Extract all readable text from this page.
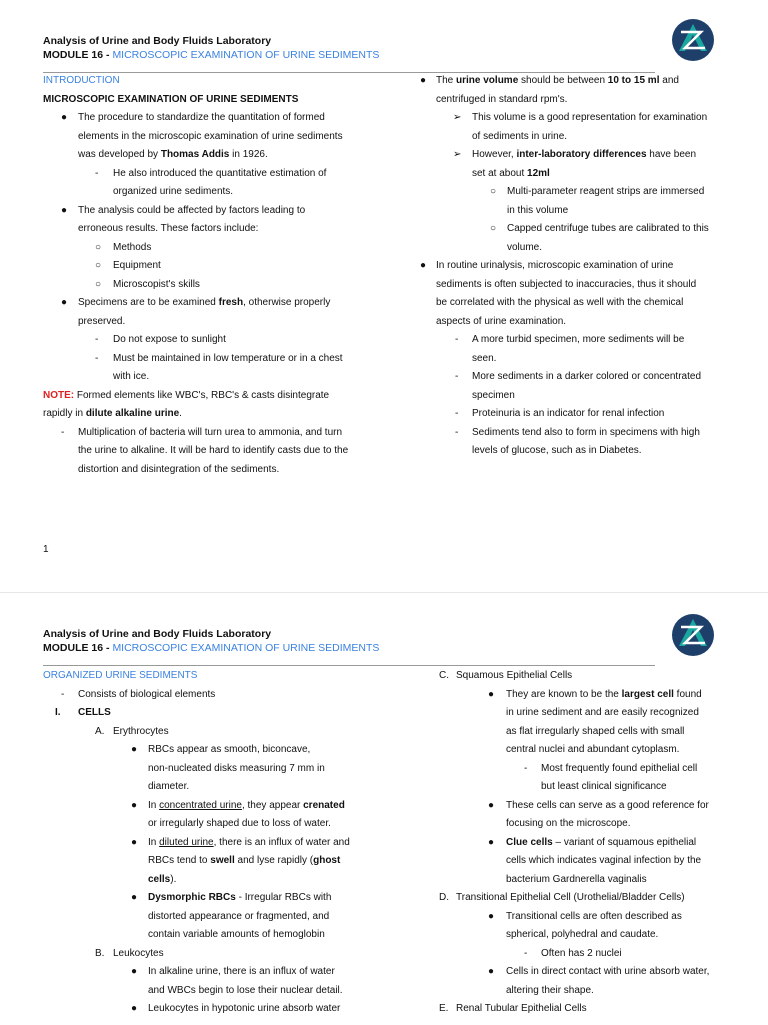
Analysis of Urine and Body Fluids Laboratory
MODULE 16 - MICROSCOPIC EXAMINATION OF URINE SEDIMENTS
INTRODUCTION
MICROSCOPIC EXAMINATION OF URINE SEDIMENTS
● The procedure to standardize the quantitation of formed
elements in the microscopic examination of urine sediments
was developed by Thomas Addis in 1926.
- He also introduced the quantitative estimation of
organized urine sediments.
● The analysis could be affected by factors leading to
erroneous results. These factors include:
○ Methods
○ Equipment
○ Microscopist's skills
● Specimens are to be examined fresh, otherwise properly
preserved.
- Do not expose to sunlight
- Must be maintained in low temperature or in a chest
with ice.
NOTE: Formed elements like WBC's, RBC's & casts disintegrate
rapidly in dilute alkaline urine.
- Multiplication of bacteria will turn urea to ammonia, and turn
the urine to alkaline. It will be hard to identify casts due to the
distortion and disintegration of the sediments.
● The urine volume should be between 10 to 15 ml and
centrifuged in standard rpm's.
➢ This volume is a good representation for examination
of sediments in urine.
➢ However, inter-laboratory differences have been
set at about 12ml
○ Multi-parameter reagent strips are immersed
in this volume
○ Capped centrifuge tubes are calibrated to this
volume.
● In routine urinalysis, microscopic examination of urine
sediments is often subjected to inaccuracies, thus it should
be correlated with the physical as well with the chemical
aspects of urine examination.
- A more turbid specimen, more sediments will be
seen.
- More sediments in a darker colored or concentrated
specimen
- Proteinuria is an indicator for renal infection
- Sediments tend also to form in specimens with high
levels of glucose, such as in Diabetes.
1
Analysis of Urine and Body Fluids Laboratory
MODULE 16 - MICROSCOPIC EXAMINATION OF URINE SEDIMENTS
ORGANIZED URINE SEDIMENTS
- Consists of biological elements
I. CELLS
A. Erythrocytes
● RBCs appear as smooth, biconcave,
non-nucleated disks measuring 7 mm in
diameter.
● In concentrated urine, they appear crenated
or irregularly shaped due to loss of water.
● In diluted urine, there is an influx of water and
RBCs tend to swell and lyse rapidly (ghost
cells).
● Dysmorphic RBCs - Irregular RBCs with
distorted appearance or fragmented, and
contain variable amounts of hemoglobin
B. Leukocytes
● In alkaline urine, there is an influx of water
and WBCs begin to lose their nuclear detail.
● Leukocytes in hypotonic urine absorb water
C. Squamous Epithelial Cells
● They are known to be the largest cell found
in urine sediment and are easily recognized
as flat irregularly shaped cells with small
central nuclei and abundant cytoplasm.
- Most frequently found epithelial cell
but least clinical significance
● These cells can serve as a good reference for
focusing on the microscope.
● Clue cells – variant of squamous epithelial
cells which indicates vaginal infection by the
bacterium Gardnerella vaginalis
D. Transitional Epithelial Cell (Urothelial/Bladder Cells)
● Transitional cells are often described as
spherical, polyhedral and caudate.
- Often has 2 nuclei
● Cells in direct contact with urine absorb water,
altering their shape.
E. Renal Tubular Epithelial Cells
